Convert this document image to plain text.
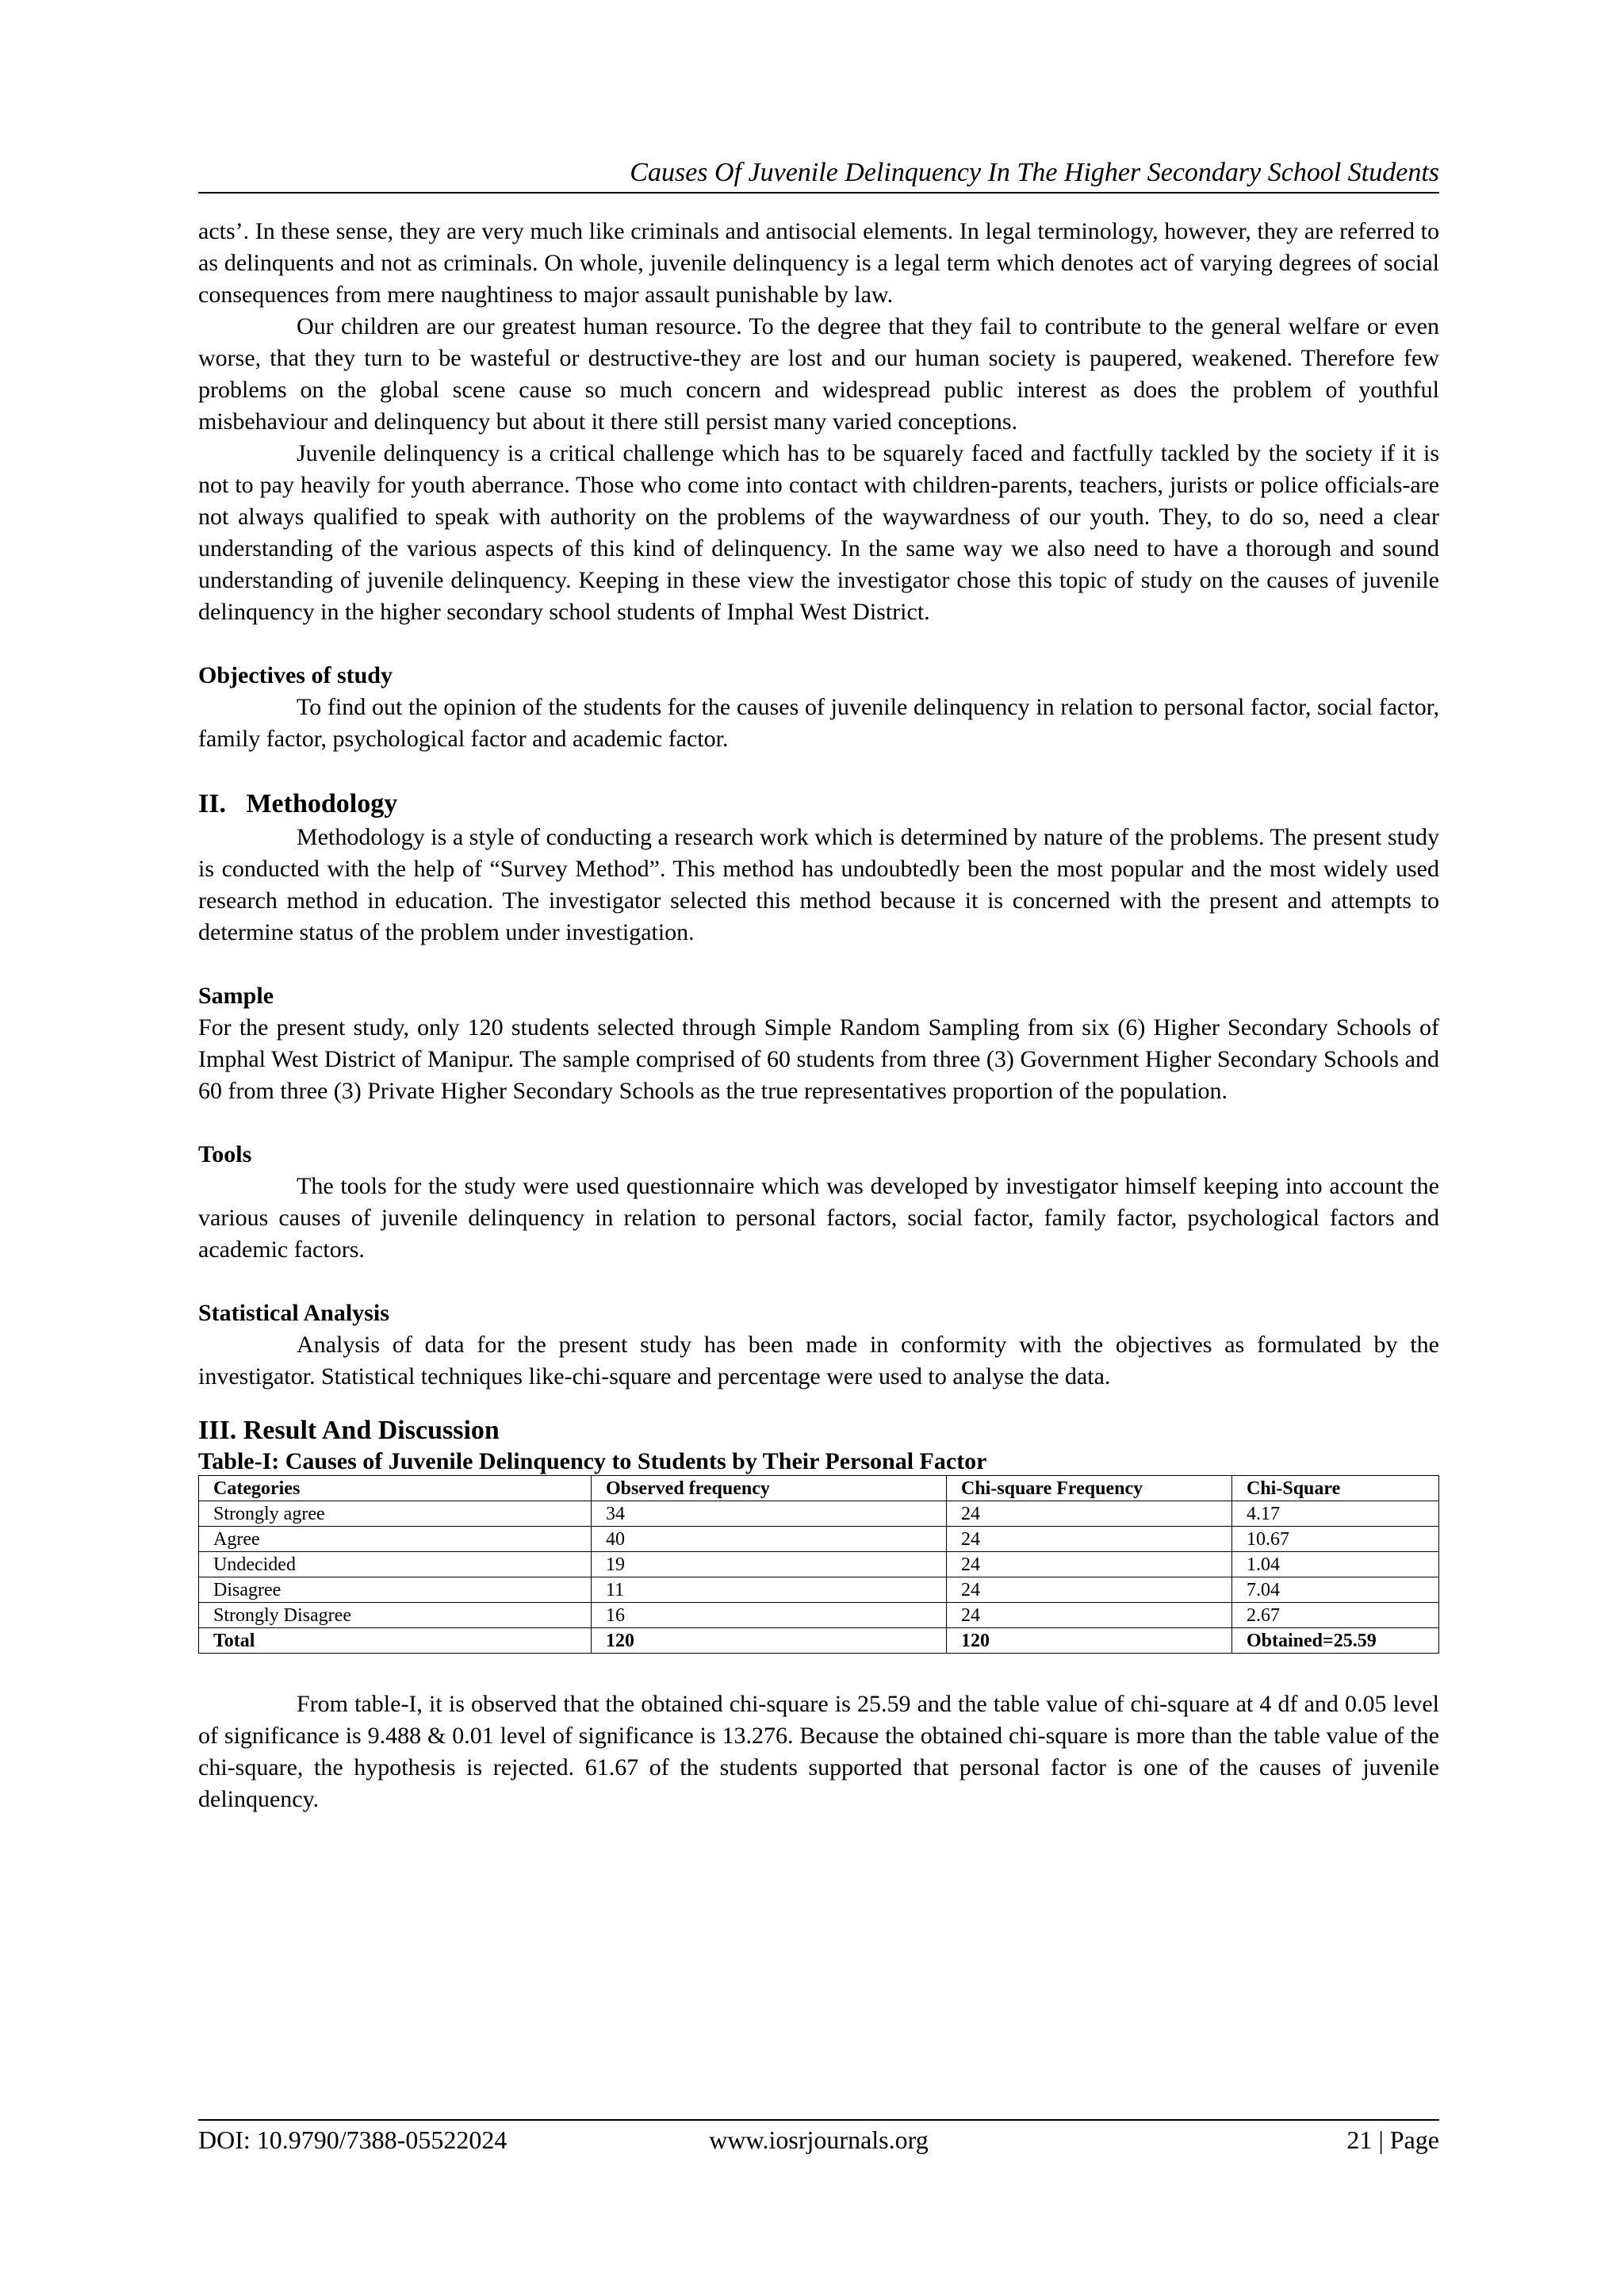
Causes Of Juvenile Delinquency In The Higher Secondary School Students

acts’. In these sense, they are very much like criminals and antisocial elements. In legal terminology, however, they are referred to as delinquents and not as criminals. On whole, juvenile delinquency is a legal term which denotes act of varying degrees of social consequences from mere naughtiness to major assault punishable by law.

Our children are our greatest human resource. To the degree that they fail to contribute to the general welfare or even worse, that they turn to be wasteful or destructive-they are lost and our human society is paupered, weakened. Therefore few problems on the global scene cause so much concern and widespread public interest as does the problem of youthful misbehaviour and delinquency but about it there still persist many varied conceptions.

Juvenile delinquency is a critical challenge which has to be squarely faced and factfully tackled by the society if it is not to pay heavily for youth aberrance. Those who come into contact with children-parents, teachers, jurists or police officials-are not always qualified to speak with authority on the problems of the waywardness of our youth. They, to do so, need a clear understanding of the various aspects of this kind of delinquency. In the same way we also need to have a thorough and sound understanding of juvenile delinquency. Keeping in these view the investigator chose this topic of study on the causes of juvenile delinquency in the higher secondary school students of Imphal West District.

Objectives of study

To find out the opinion of the students for the causes of juvenile delinquency in relation to personal factor, social factor, family factor, psychological factor and academic factor.

II.   Methodology

Methodology is a style of conducting a research work which is determined by nature of the problems. The present study is conducted with the help of “Survey Method”. This method has undoubtedly been the most popular and the most widely used research method in education. The investigator selected this method because it is concerned with the present and attempts to determine status of the problem under investigation.

Sample

For the present study, only 120 students selected through Simple Random Sampling from six (6) Higher Secondary Schools of Imphal West District of Manipur. The sample comprised of 60 students from three (3) Government Higher Secondary Schools and 60 from three (3) Private Higher Secondary Schools as the true representatives proportion of the population.

Tools

The tools for the study were used questionnaire which was developed by investigator himself keeping into account the various causes of juvenile delinquency in relation to personal factors, social factor, family factor, psychological factors and academic factors.

Statistical Analysis

Analysis of data for the present study has been made in conformity with the objectives as formulated by the investigator. Statistical techniques like-chi-square and percentage were used to analyse the data.

III. Result And Discussion

Table-I: Causes of Juvenile Delinquency to Students by Their Personal Factor

Categories	Observed frequency	Chi-square Frequency	Chi-Square
Strongly agree	34	24	4.17
Agree	40	24	10.67
Undecided	19	24	1.04
Disagree	11	24	7.04
Strongly Disagree	16	24	2.67
Total	120	120	Obtained=25.59

From table-I, it is observed that the obtained chi-square is 25.59 and the table value of chi-square at 4 df and 0.05 level of significance is 9.488 & 0.01 level of significance is 13.276. Because the obtained chi-square is more than the table value of the chi-square, the hypothesis is rejected. 61.67 of the students supported that personal factor is one of the causes of juvenile delinquency.

www.iosrjournals.org
DOI: 10.9790/7388-05522024	21 | Page
